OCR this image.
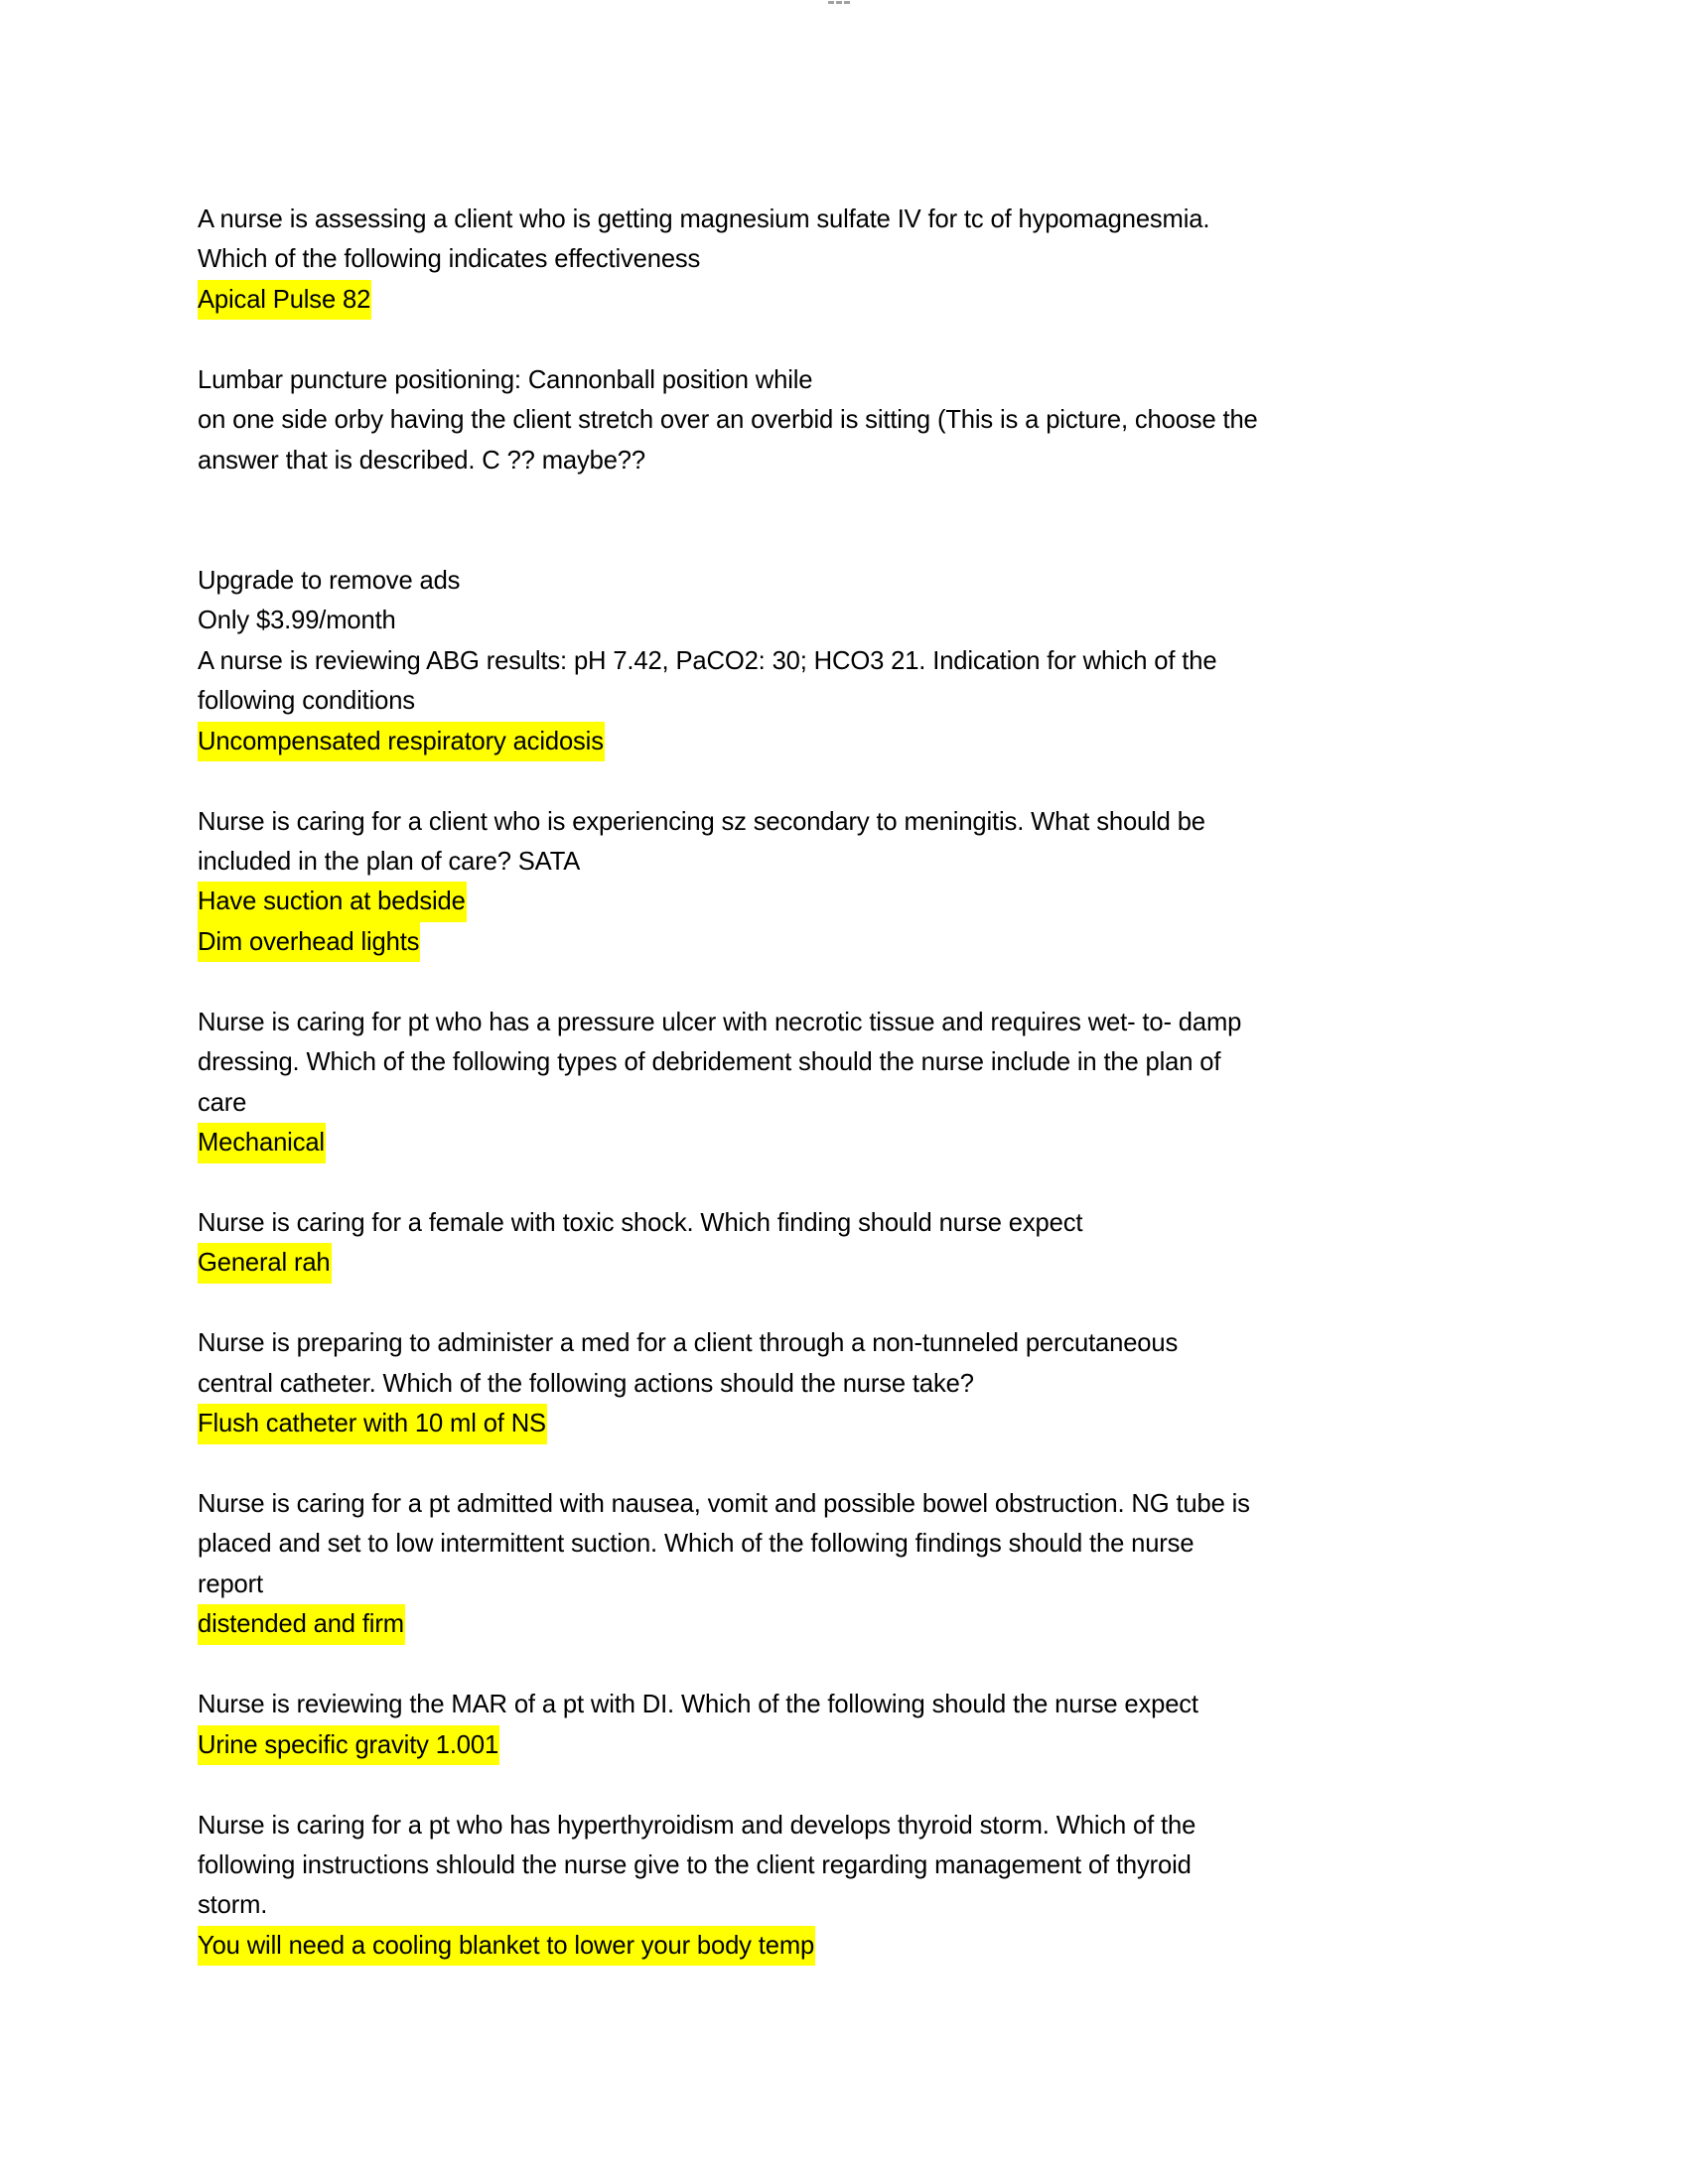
A nurse is assessing a client who is getting magnesium sulfate IV for tc of hypomagnesmia.
Which of the following indicates effectiveness
Apical Pulse 82
Lumbar puncture positioning: Cannonball position while
on one side orby having the client stretch over an overbid is sitting (This is a picture, choose the
answer that is described. C ?? maybe??
Upgrade to remove ads
Only $3.99/month
A nurse is reviewing ABG results: pH 7.42, PaCO2: 30; HCO3 21. Indication for which of the
following conditions
Uncompensated respiratory acidosis
Nurse is caring for a client who is experiencing sz secondary to meningitis. What should be
included in the plan of care? SATA
Have suction at bedside
Dim overhead lights
Nurse is caring for pt who has a pressure ulcer with necrotic tissue and requires wet- to- damp
dressing. Which of the following types of debridement should the nurse include in the plan of
care
Mechanical
Nurse is caring for a female with toxic shock. Which finding should nurse expect
General rah
Nurse is preparing to administer a med for a client through a non-tunneled percutaneous
central catheter. Which of the following actions should the nurse take?
Flush catheter with 10 ml of NS
Nurse is caring for a pt admitted with nausea, vomit and possible bowel obstruction. NG tube is
placed and set to low intermittent suction. Which of the following findings should the nurse
report
distended and firm
Nurse is reviewing the MAR of a pt with DI. Which of the following should the nurse expect
Urine specific gravity 1.001
Nurse is caring for a pt who has hyperthyroidism and develops thyroid storm. Which of the
following instructions shlould the nurse give to the client regarding management of thyroid
storm.
You will need a cooling blanket to lower your body temp
